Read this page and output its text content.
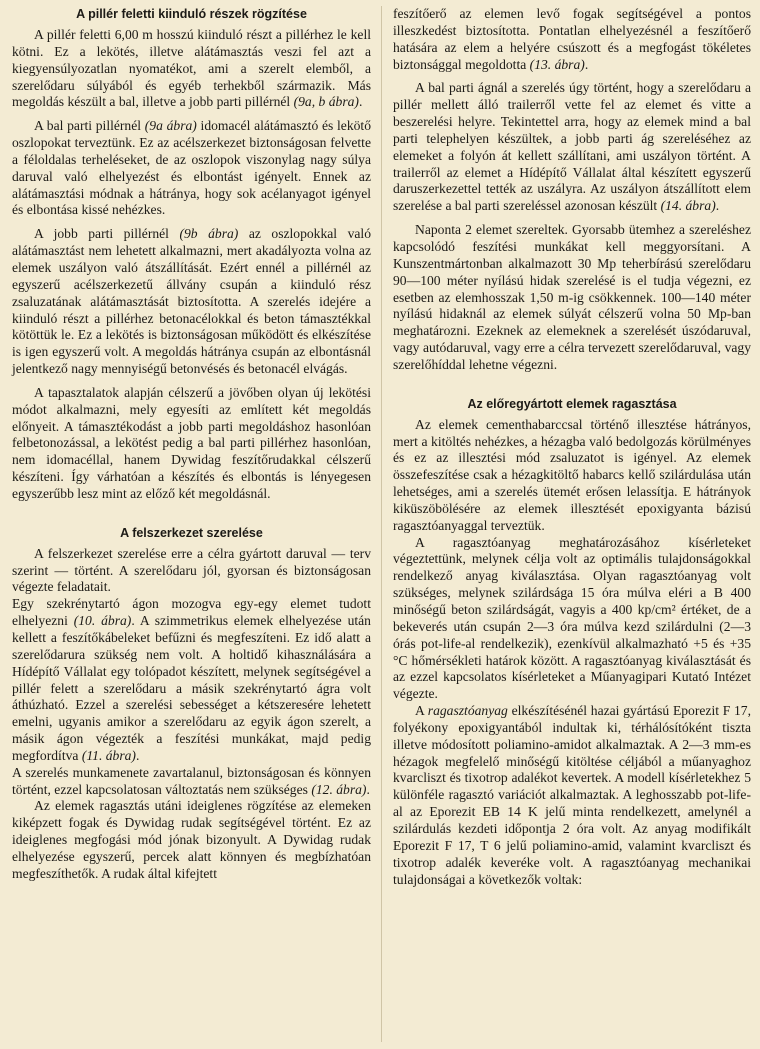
A pillér feletti kiinduló részek rögzítése

A pillér feletti 6,00 m hosszú kiinduló részt a pillérhez le kell kötni. Ez a lekötés, illetve alátámasztás veszi fel azt a kiegyensúlyozatlan nyomatékot, ami a szerelt elemből, a szerelődaru súlyából és egyéb terhekből származik. Más megoldás készült a bal, illetve a jobb parti pillérnél (9a, b ábra).

A bal parti pillérnél (9a ábra) idomacél alátámasztó és lekötő oszlopokat terveztünk. Ez az acélszerkezet biztonságosan felvette a féloldalas terheléseket, de az oszlopok viszonylag nagy súlya daruval való elhelyezést és elbontást igényelt. Ennek az alátámasztási módnak a hátránya, hogy sok acélanyagot igényel és elbontása kissé nehézkes.

A jobb parti pillérnél (9b ábra) az oszlopokkal való alátámasztást nem lehetett alkalmazni, mert akadályozta volna az elemek uszályon való átszállítását. Ezért ennél a pillérnél az egyszerű acélszerkezetű állvány csupán a kiinduló rész zsaluzatának alátámasztását biztosította. A szerelés idejére a kiinduló részt a pillérhez betonacélokkal és beton támasztékkal kötöttük le. Ez a lekötés is biztonságosan működött és elkészítése is igen egyszerű volt. A megoldás hátránya csupán az elbontásnál jelentkező nagy mennyiségű betonvésés és betonacél elvágás.

A tapasztalatok alapján célszerű a jövőben olyan új lekötési módot alkalmazni, mely egyesíti az említett két megoldás előnyeit. A támasztékodást a jobb parti megoldáshoz hasonlóan felbetonozással, a lekötést pedig a bal parti pillérhez hasonlóan, nem idomacéllal, hanem Dywidag feszítőrudakkal célszerű készíteni. Így várhatóan a készítés és elbontás is lényegesen egyszerűbb lesz mint az előző két megoldásnál.

A felszerkezet szerelése

A felszerkezet szerelése erre a célra gyártott daruval — terv szerint — történt. A szerelődaru jól, gyorsan és biztonságosan végezte feladatait.

Egy szekrénytartó ágon mozogva egy-egy elemet tudott elhelyezni (10. ábra). A szimmetrikus elemek elhelyezése után kellett a feszítőkábeleket befűzni és megfeszíteni. Ez idő alatt a szerelődarura szükség nem volt. A holtidő kihasználására a Hídépítő Vállalat egy tolópadot készített, melynek segítségével a pillér felett a szerelődaru a másik szekrénytartó ágra volt áthúzható. Ezzel a szerelési sebességet a kétszeresére lehetett emelni, ugyanis amikor a szerelődaru az egyik ágon szerelt, a másik ágon végezték a feszítési munkákat, majd pedig megfordítva (11. ábra).

A szerelés munkamenete zavartalanul, biztonságosan és könnyen történt, ezzel kapcsolatosan változtatás nem szükséges (12. ábra).

Az elemek ragasztás utáni ideiglenes rögzítése az elemeken kiképzett fogak és Dywidag rudak segítségével történt. Ez az ideiglenes megfogási mód jónak bizonyult. A Dywidag rudak elhelyezése egyszerű, percek alatt könnyen és megbízhatóan megfeszíthetők. A rudak által kifejtett

feszítőerő az elemen levő fogak segítségével a pontos illeszkedést biztosította. Pontatlan elhelyezésnél a feszítőerő hatására az elem a helyére csúszott és a megfogást tökéletes biztonsággal megoldotta (13. ábra).

A bal parti ágnál a szerelés úgy történt, hogy a szerelődaru a pillér mellett álló trailerről vette fel az elemet és vitte a beszerelési helyre. Tekintettel arra, hogy az elemek mind a bal parti telephelyen készültek, a jobb parti ág szereléséhez az elemeket a folyón át kellett szállítani, ami uszályon történt. A trailerről az elemet a Hídépítő Vállalat által készített egyszerű daruszerkezettel tették az uszályra. Az uszályon átszállított elem szerelése a bal parti szereléssel azonosan készült (14. ábra).

Naponta 2 elemet szereltek. Gyorsabb ütemhez a szereléshez kapcsolódó feszítési munkákat kell meggyorsítani. A Kunszentmártonban alkalmazott 30 Mp teherbírású szerelődaru 90—100 méter nyílású hidak szerelésé is el tudja végezni, ez esetben az elemhosszak 1,50 m-ig csökkennek. 100—140 méter nyílású hidaknál az elemek súlyát célszerű volna 50 Mp-ban meghatározni. Ezeknek az elemeknek a szerelését úszódaruval, vagy autódaruval, vagy erre a célra tervezett szerelődaruval, vagy szerelőhíddal lehetne végezni.

Az előregyártott elemek ragasztása

Az elemek cementhabarccsal történő illesztése hátrányos, mert a kitöltés nehézkes, a hézagba való bedolgozás körülményes és ez az illesztési mód zsaluzatot is igényel. Az elemek összefeszítése csak a hézagkitöltő habarcs kellő szilárdulása után lehetséges, ami a szerelés ütemét erősen lelassítja. E hátrányok kiküszöbölésére az elemek illesztését epoxigyanta bázisú ragasztóanyaggal terveztük.

A ragasztóanyag meghatározásához kísérleteket végeztettünk, melynek célja volt az optimális tulajdonságokkal rendelkező anyag kiválasztása. Olyan ragasztóanyag volt szükséges, melynek szilárdsága 15 óra múlva eléri a B 400 minőségű beton szilárdságát, vagyis a 400 kp/cm² értéket, de a bekeverés után csupán 2—3 óra múlva kezd szilárdulni (2—3 órás pot-life-al rendelkezik), ezenkívül alkalmazható +5 és +35 °C hőmérsékleti határok között. A ragasztóanyag kiválasztását és az ezzel kapcsolatos kísérleteket a Műanyagipari Kutató Intézet végezte.

A ragasztóanyag elkészítésénél hazai gyártású Eporezit F 17, folyékony epoxigyantából indultak ki, térhálósítóként tiszta illetve módosított poliamino-amidot alkalmaztak. A 2—3 mm-es hézagok megfelelő minőségű kitöltése céljából a műanyaghoz kvarcliszt és tixotrop adalékot kevertek. A modell kísérletekhez 5 különféle ragasztó variációt alkalmaztak. A leghosszabb pot-life-al az Eporezit EB 14 K jelű minta rendelkezett, amelynél a szilárdulás kezdeti időpontja 2 óra volt. Az anyag modifikált Eporezit F 17, T 6 jelű poliamino-amid, valamint kvarcliszt és tixotrop adalék keveréke volt. A ragasztóanyag mechanikai tulajdonságai a következők voltak:
